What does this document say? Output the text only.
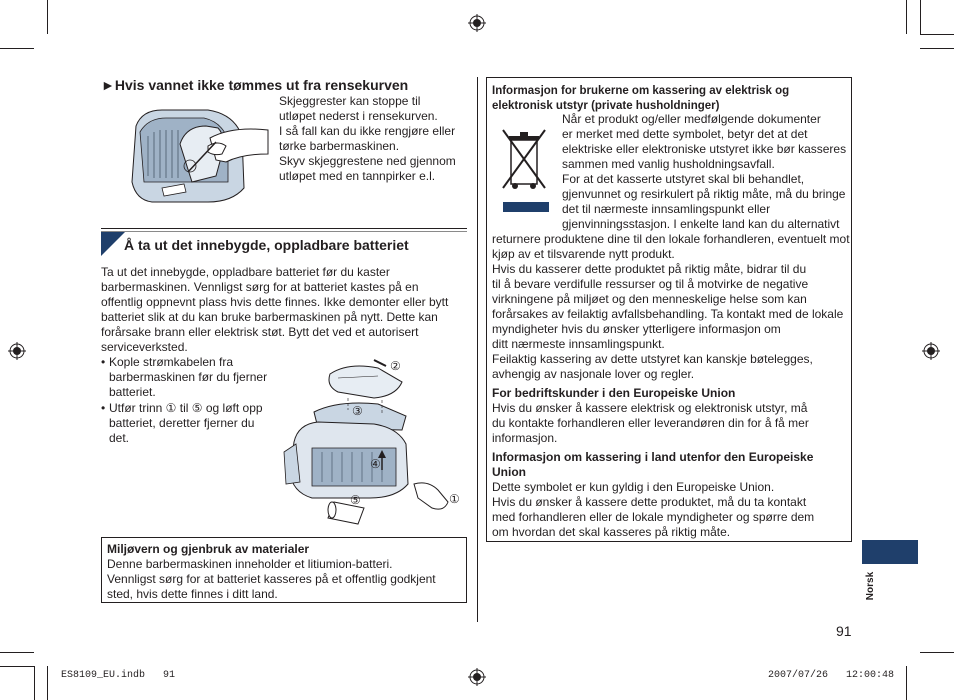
►Hvis vannet ikke tømmes ut fra rensekurven
Skjeggrester kan stoppe til
utløpet nederst i rensekurven.
I så fall kan du ikke rengjøre eller
tørke barbermaskinen.
Skyv skjeggrestene ned gjennom
utløpet med en tannpirker e.l.
Å ta ut det innebygde, oppladbare batteriet
Ta ut det innebygde, oppladbare batteriet før du kaster
barbermaskinen. Vennligst sørg for at batteriet kastes på en
offentlig oppnevnt plass hvis dette finnes. Ikke demonter eller bytt
batteriet slik at du kan bruke barbermaskinen på nytt. Dette kan
forårsake brann eller elektrisk støt. Bytt det ved et autorisert
serviceverksted.
• Kople strømkabelen fra
barbermaskinen før du fjerner
batteriet.
• Utfør trinn ① til ⑤ og løft opp
batteriet, deretter fjerner du
det.
②
③
④
⑤	①
Miljøvern og gjenbruk av materialer
Denne barbermaskinen inneholder et litiumion-batteri.
Vennligst sørg for at batteriet kasseres på et offentlig godkjent
sted, hvis dette finnes i ditt land.
Informasjon for brukerne om kassering av elektrisk og
elektronisk utstyr (private husholdninger)
Når et produkt og/eller medfølgende dokumenter
er merket med dette symbolet, betyr det at det
elektriske eller elektroniske utstyret ikke bør kasseres
sammen med vanlig husholdningsavfall.
For at det kasserte utstyret skal bli behandlet,
gjenvunnet og resirkulert på riktig måte, må du bringe
det til nærmeste innsamlingspunkt eller
gjenvinningsstasjon. I enkelte land kan du alternativt
returnere produktene dine til den lokale forhandleren, eventuelt mot
kjøp av et tilsvarende nytt produkt.
Hvis du kasserer dette produktet på riktig måte, bidrar til du
til å bevare verdifulle ressurser og til å motvirke de negative
virkningene på miljøet og den menneskelige helse som kan
forårsakes av feilaktig avfallsbehandling. Ta kontakt med de lokale
myndigheter hvis du ønsker ytterligere informasjon om
ditt nærmeste innsamlingspunkt.
Feilaktig kassering av dette utstyret kan kanskje bøtelegges,
avhengig av nasjonale lover og regler.
For bedriftskunder i den Europeiske Union
Hvis du ønsker å kassere elektrisk og elektronisk utstyr, må
du kontakte forhandleren eller leverandøren din for å få mer
informasjon.
Informasjon om kassering i land utenfor den Europeiske
Union
Dette symbolet er kun gyldig i den Europeiske Union.
Hvis du ønsker å kassere dette produktet, må du ta kontakt
med forhandleren eller de lokale myndigheter og spørre dem
om hvordan det skal kasseres på riktig måte.
Norsk
91
ES8109_EU.indb   91	2007/07/26   12:00:48
